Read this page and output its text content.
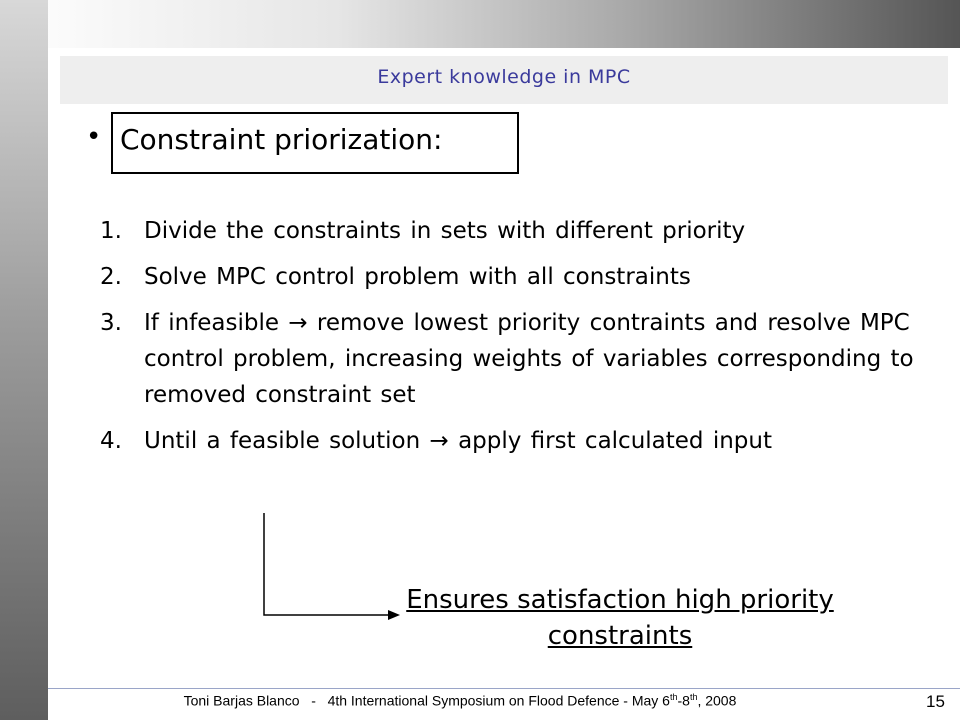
Expert knowledge in MPC
• Constraint priorization:
1. Divide the constraints in sets with different priority
2. Solve MPC control problem with all constraints
3. If infeasible → remove lowest priority contraints and resolve MPC control problem, increasing weights of variables corresponding to removed constraint set
4. Until a feasible solution → apply first calculated input
Ensures satisfaction high priority constraints
Toni Barjas Blanco - 4th International Symposium on Flood Defence - May 6th-8th, 2008	15
